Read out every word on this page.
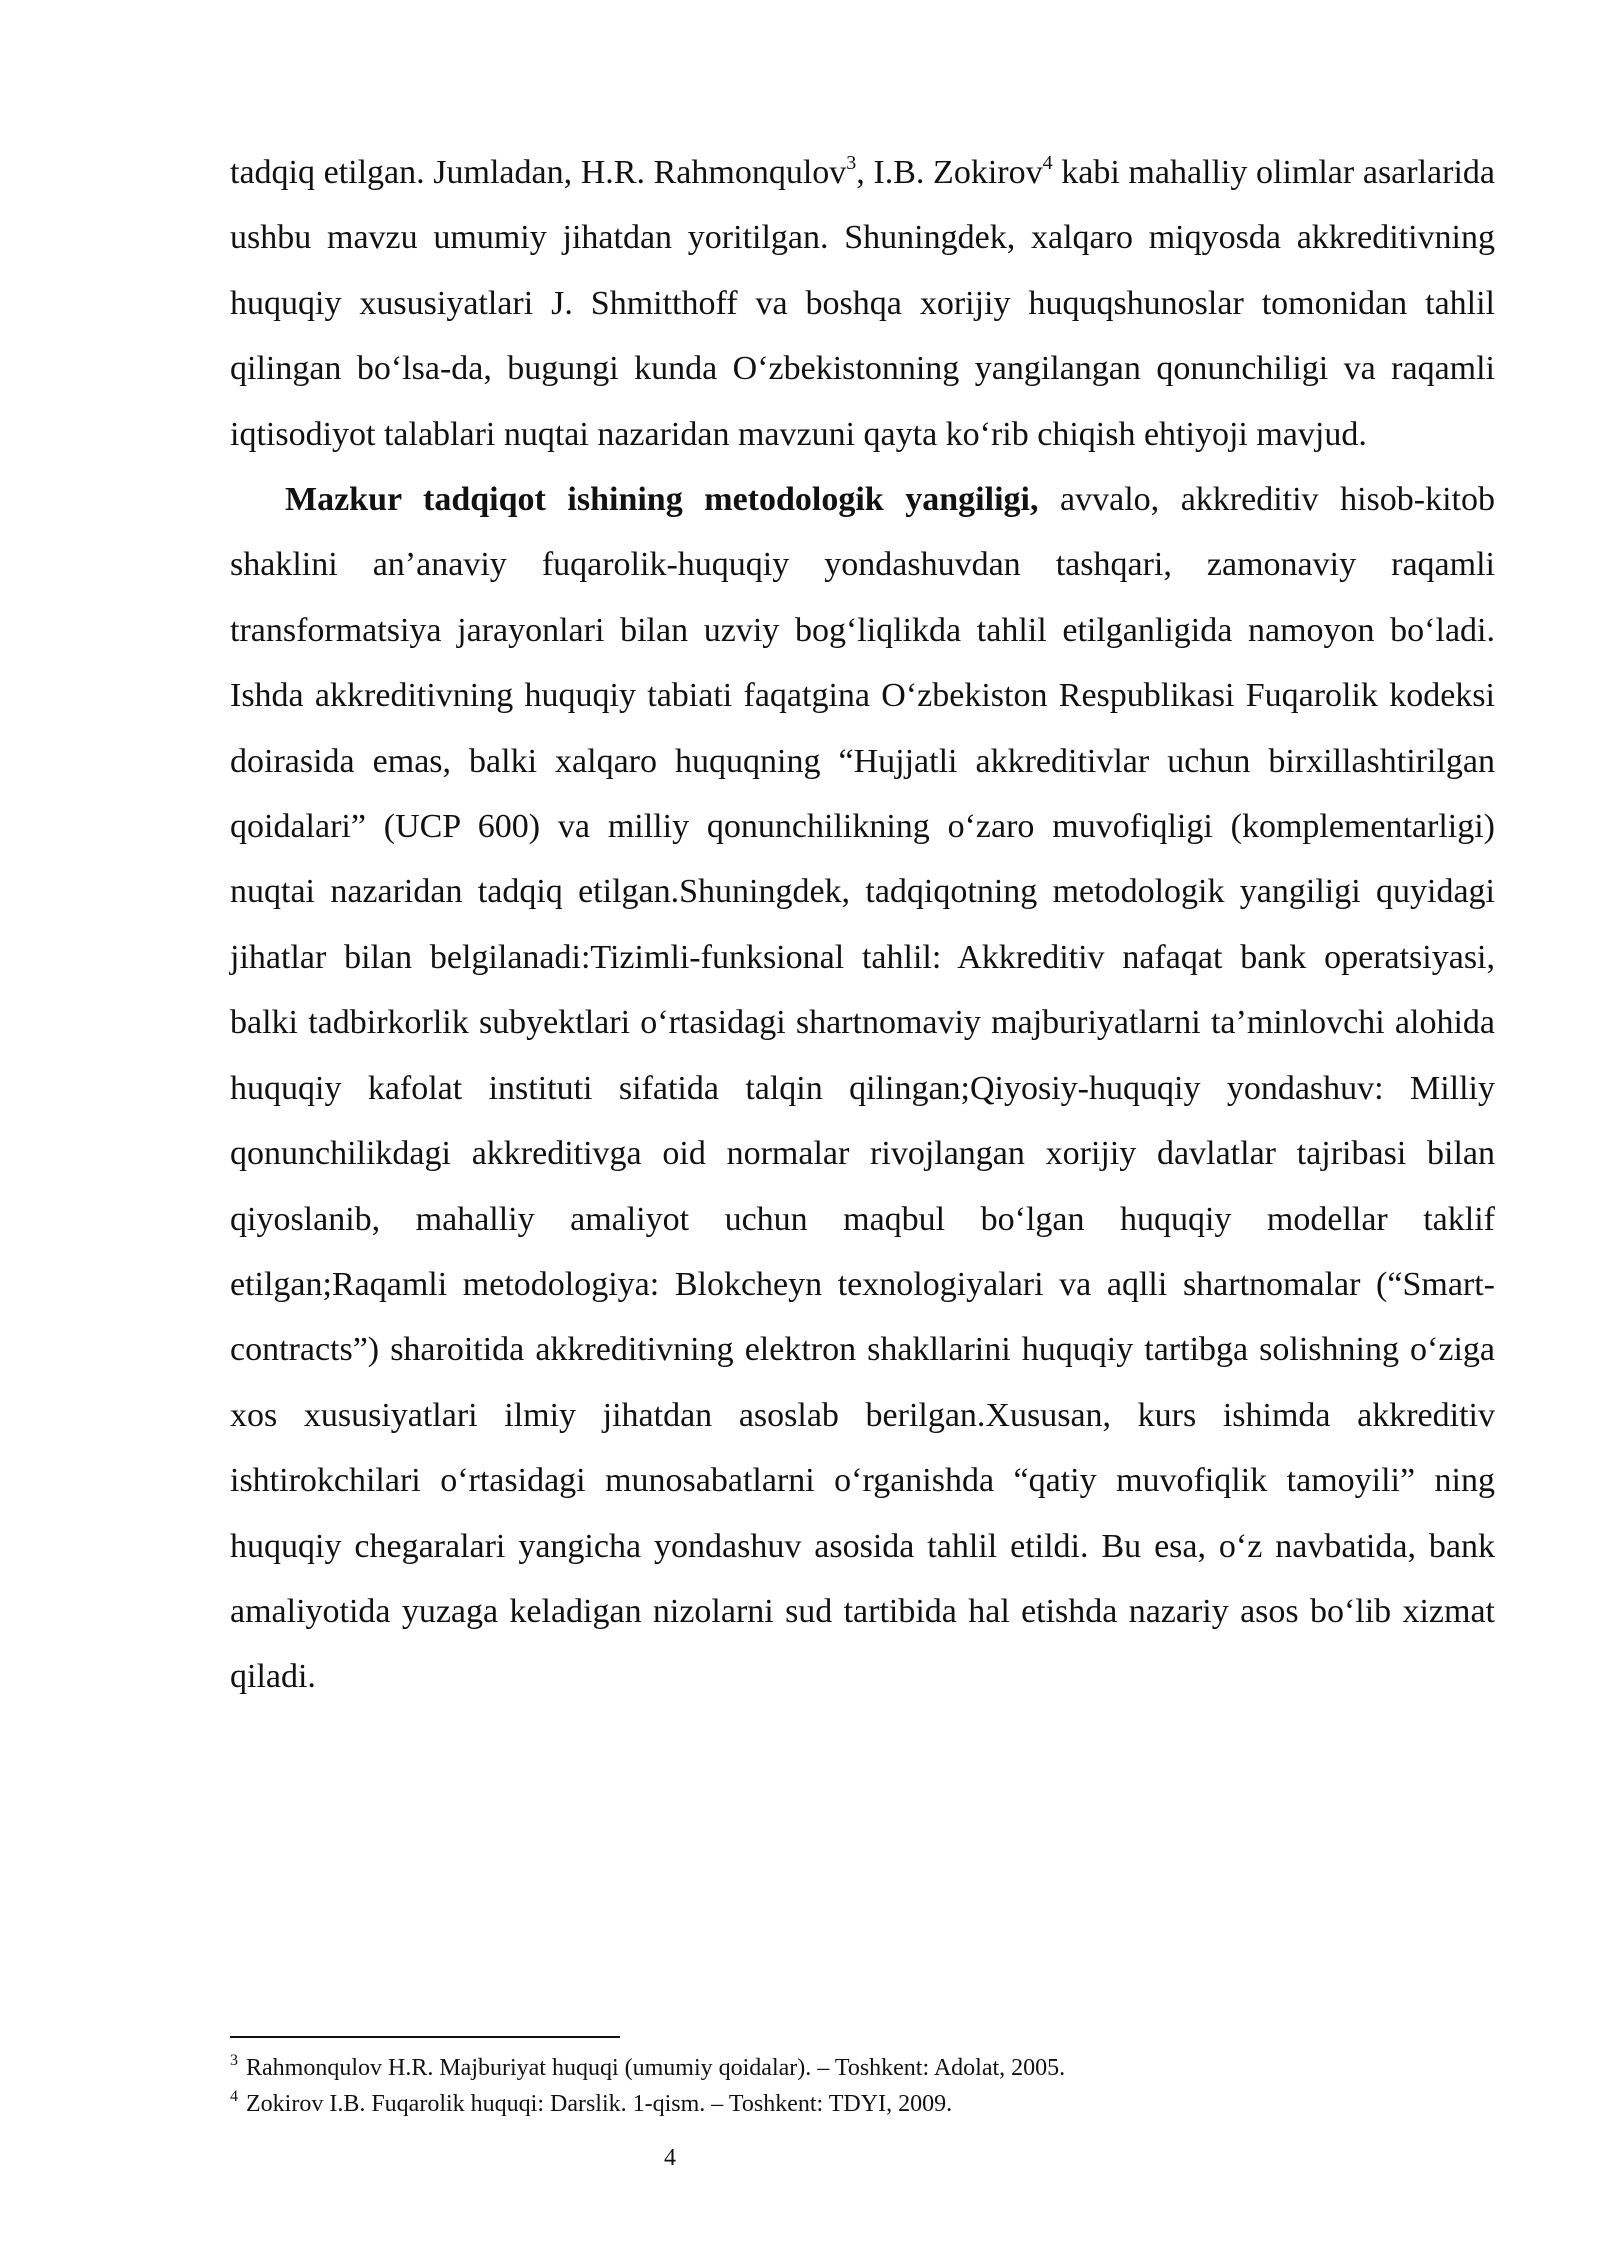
tadqiq etilgan. Jumladan, H.R. Rahmonqulov$^3$, I.B. Zokirov$^4$ kabi mahalliy olimlar asarlarida ushbu mavzu umumiy jihatdan yoritilgan. Shuningdek, xalqaro miqyosda akkreditivning huquqiy xususiyatlari J. Shmitthoff va boshqa xorijiy huquqshunoslar tomonidan tahlil qilingan bo‘lsa-da, bugungi kunda O‘zbekistonning yangilangan qonunchiligi va raqamli iqtisodiyot talablari nuqtai nazaridan mavzuni qayta ko‘rib chiqish ehtiyoji mavjud.

Mazkur tadqiqot ishining metodologik yangiligi, avvalo, akkreditiv hisob-kitob shaklini an’anaviy fuqarolik-huquqiy yondashuvdan tashqari, zamonaviy raqamli transformatsiya jarayonlari bilan uzviy bog‘liqlikda tahlil etilganligida namoyon bo‘ladi. Ishda akkreditivning huquqiy tabiati faqatgina O‘zbekiston Respublikasi Fuqarolik kodeksi doirasida emas, balki xalqaro huquqning “Hujjatli akkreditivlar uchun birxillashtirilgan qoidalari” (UCP 600) va milliy qonunchilikning o‘zaro muvofiqligi (komplementarligi) nuqtai nazaridan tadqiq etilgan.Shuningdek, tadqiqotning metodologik yangiligi quyidagi jihatlar bilan belgilanadi:Tizimli-funksional tahlil: Akkreditiv nafaqat bank operatsiyasi, balki tadbirkorlik subyektlari o‘rtasidagi shartnomaviy majburiyatlarni ta’minlovchi alohida huquqiy kafolat instituti sifatida talqin qilingan;Qiyosiy-huquqiy yondashuv: Milliy qonunchilikdagi akkreditivga oid normalar rivojlangan xorijiy davlatlar tajribasi bilan qiyoslanib, mahalliy amaliyot uchun maqbul bo‘lgan huquqiy modellar taklif etilgan;Raqamli metodologiya: Blokcheyn texnologiyalari va aqlli shartnomalar (“Smart-contracts”) sharoitida akkreditivning elektron shakllarini huquqiy tartibga solishning o‘ziga xos xususiyatlari ilmiy jihatdan asoslab berilgan.Xususan, kurs ishimda akkreditiv ishtirokchilari o‘rtasidagi munosabatlarni o‘rganishda “qatiy muvofiqlik tamoyili” ning huquqiy chegaralari yangicha yondashuv asosida tahlil etildi. Bu esa, o‘z navbatida, bank amaliyotida yuzaga keladigan nizolarni sud tartibida hal etishda nazariy asos bo‘lib xizmat qiladi.

$^3$ Rahmonqulov H.R. Majburiyat huquqi (umumiy qoidalar). – Toshkent: Adolat, 2005.

$^4$ Zokirov I.B. Fuqarolik huquqi: Darslik. 1-qism. – Toshkent: TDYI, 2009.

4
